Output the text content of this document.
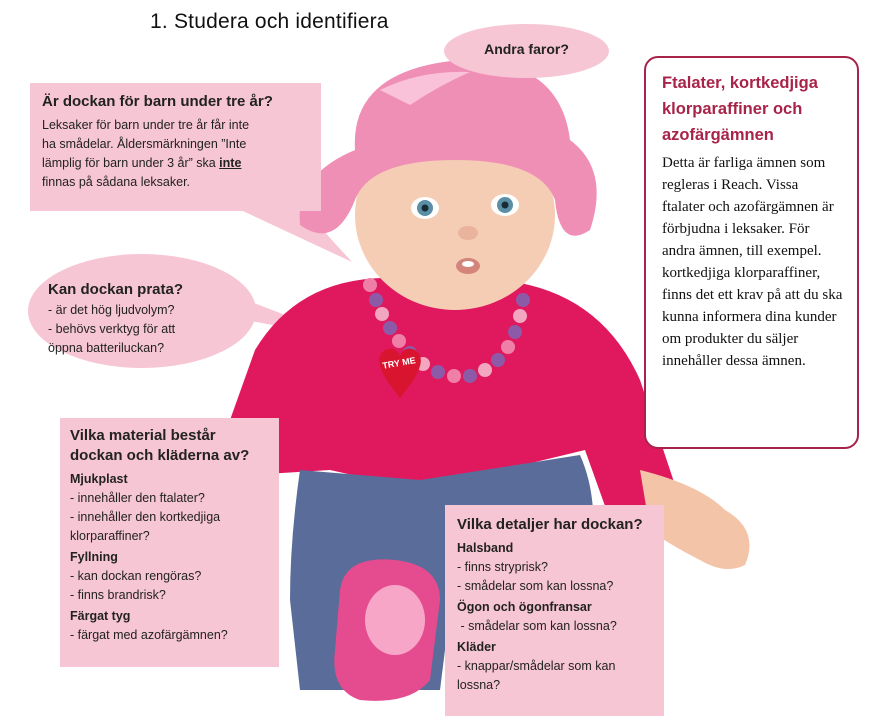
1. Studera och identifiera
TRY ME
Andra faror?
Är dockan för barn under tre år?
Leksaker för barn under tre år får inte
ha smådelar. Åldersmärkningen ”Inte
lämplig för barn under 3 år” ska inte
finnas på sådana leksaker.
Kan dockan prata?
- är det hög ljudvolym?
- behövs verktyg för att
öppna batteriluckan?
Vilka material består
dockan och kläderna av?
Mjukplast
- innehåller den ftalater?
- innehåller den kortkedjiga
klorparaffiner?
Fyllning
- kan dockan rengöras?
- finns brandrisk?
Färgat tyg
- färgat med azofärgämnen?
Vilka detaljer har dockan?
Halsband
- finns stryprisk?
- smådelar som kan lossna?
Ögon och ögonfransar
- smådelar som kan lossna?
Kläder
- knappar/smådelar som kan
lossna?
Ftalater, kortkedjiga klorparaffiner och azofärgämnen

Detta är farliga ämnen som regleras i Reach. Vissa ftalater och azofärgämnen är förbjudna i leksaker. För andra ämnen, till exempel. kortkedjiga klorparaffiner, finns det ett krav på att du ska kunna informera dina kunder om produkter du säljer innehåller dessa ämnen.
